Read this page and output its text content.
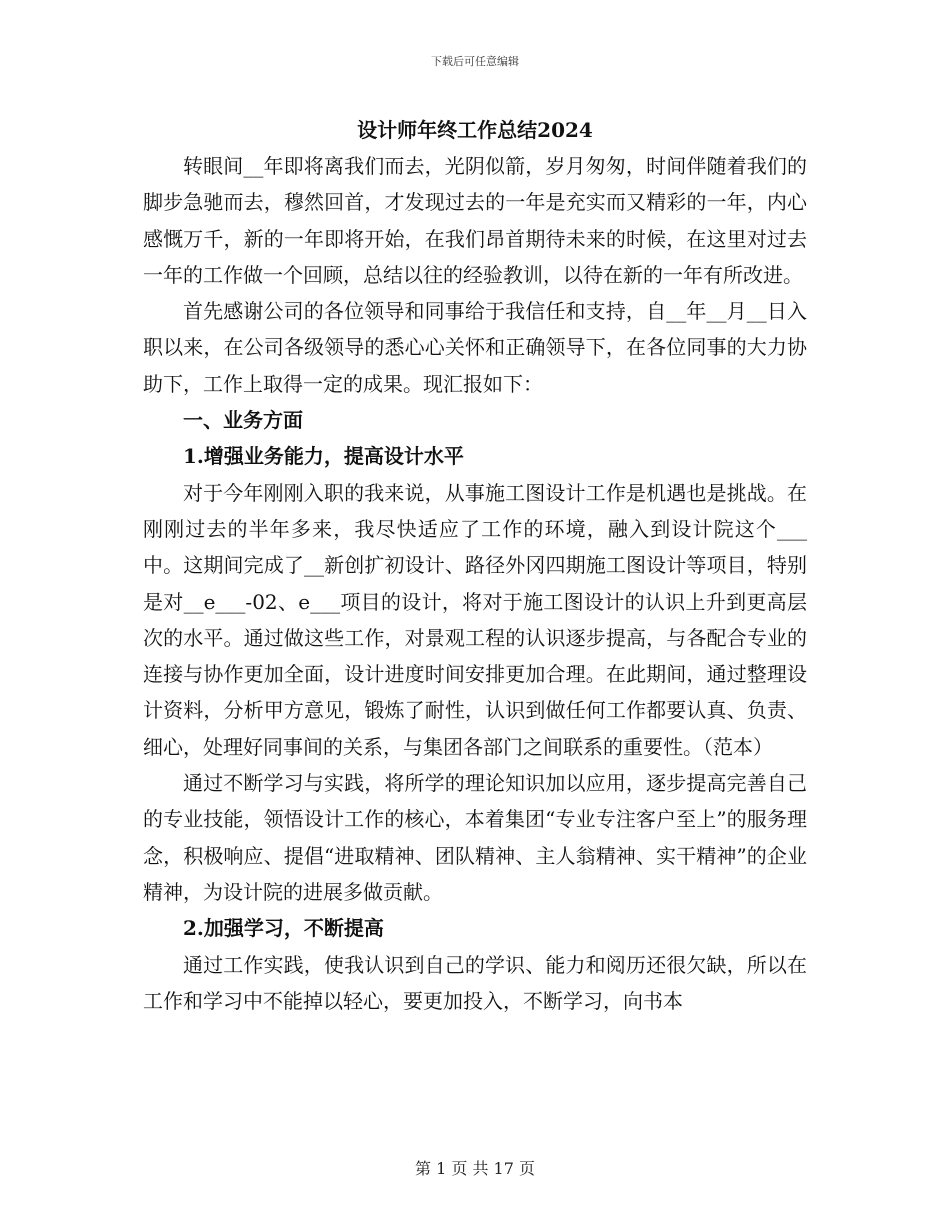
下载后可任意编辑

设计师年终工作总结2024

转眼间__年即将离我们而去，光阴似箭，岁月匆匆，时间伴随着我们的脚步急驰而去，穆然回首，才发现过去的一年是充实而又精彩的一年，内心感慨万千，新的一年即将开始，在我们昂首期待未来的时候，在这里对过去一年的工作做一个回顾，总结以往的经验教训，以待在新的一年有所改进。

首先感谢公司的各位领导和同事给于我信任和支持，自__年__月__日入职以来，在公司各级领导的悉心心关怀和正确领导下，在各位同事的大力协助下，工作上取得一定的成果。现汇报如下：

一、业务方面

1.增强业务能力，提高设计水平

对于今年刚刚入职的我来说，从事施工图设计工作是机遇也是挑战。在刚刚过去的半年多来，我尽快适应了工作的环境，融入到设计院这个___中。这期间完成了__新创扩初设计、路径外冈四期施工图设计等项目，特别是对__e___-02、e___项目的设计，将对于施工图设计的认识上升到更高层次的水平。通过做这些工作，对景观工程的认识逐步提高，与各配合专业的连接与协作更加全面，设计进度时间安排更加合理。在此期间，通过整理设计资料，分析甲方意见，锻炼了耐性，认识到做任何工作都要认真、负责、细心，处理好同事间的关系，与集团各部门之间联系的重要性。（范本）

通过不断学习与实践，将所学的理论知识加以应用，逐步提高完善自己的专业技能，领悟设计工作的核心，本着集团“专业专注客户至上”的服务理念，积极响应、提倡“进取精神、团队精神、主人翁精神、实干精神”的企业精神，为设计院的进展多做贡献。

2.加强学习，不断提高

通过工作实践，使我认识到自己的学识、能力和阅历还很欠缺，所以在工作和学习中不能掉以轻心，要更加投入，不断学习，向书本

第 1 页 共 17 页
